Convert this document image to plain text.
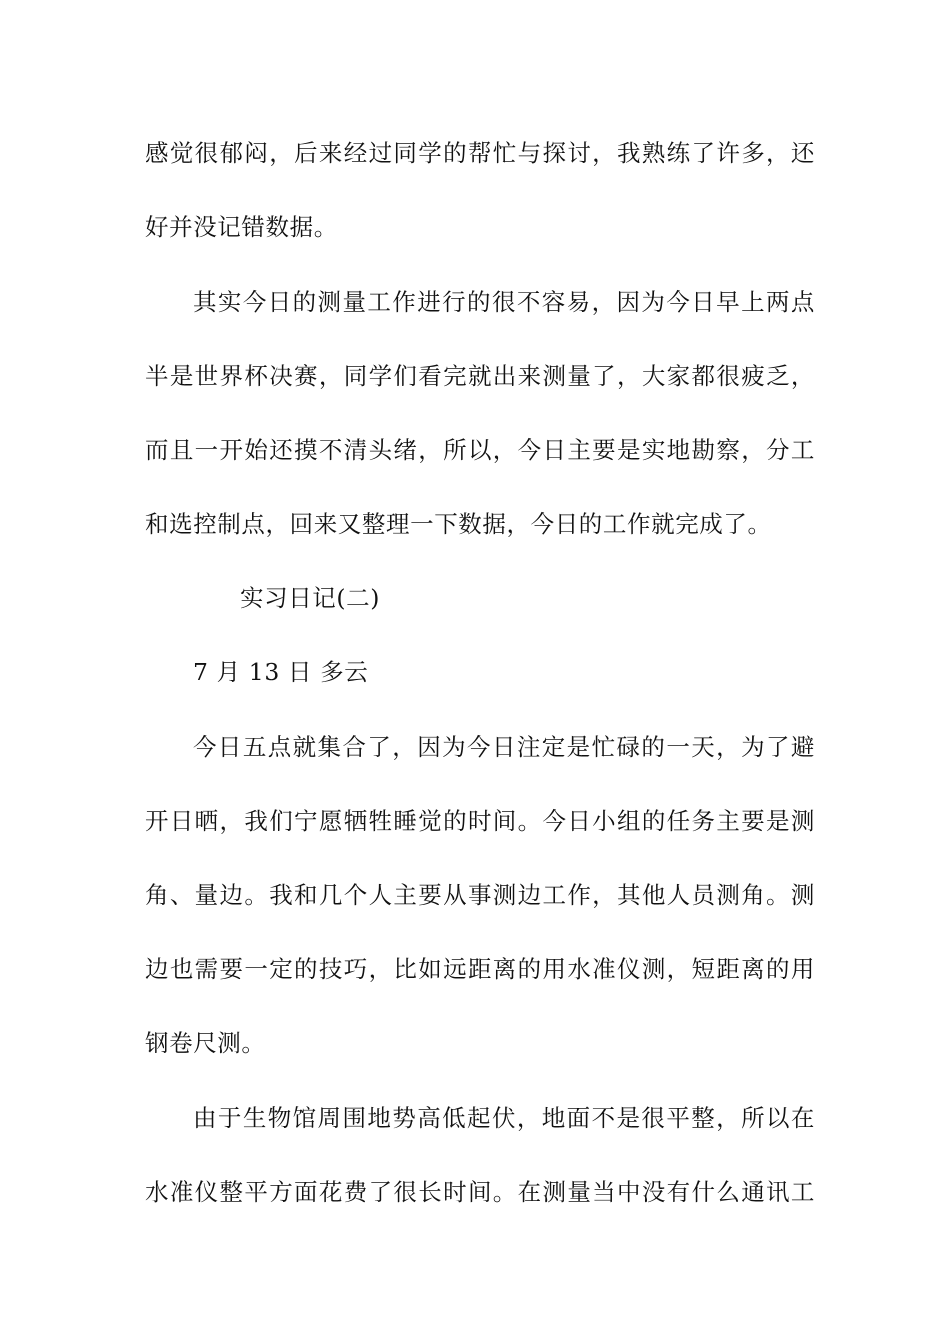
感觉很郁闷，后来经过同学的帮忙与探讨，我熟练了许多，还
好并没记错数据。
其实今日的测量工作进行的很不容易，因为今日早上两点
半是世界杯决赛，同学们看完就出来测量了，大家都很疲乏，
而且一开始还摸不清头绪，所以，今日主要是实地勘察，分工
和选控制点，回来又整理一下数据，今日的工作就完成了。
实习日记(二)
7 月 13 日 多云
今日五点就集合了，因为今日注定是忙碌的一天，为了避
开日晒，我们宁愿牺牲睡觉的时间。今日小组的任务主要是测
角、量边。我和几个人主要从事测边工作，其他人员测角。测
边也需要一定的技巧，比如远距离的用水准仪测，短距离的用
钢卷尺测。
由于生物馆周围地势高低起伏，地面不是很平整，所以在
水准仪整平方面花费了很长时间。在测量当中没有什么通讯工
